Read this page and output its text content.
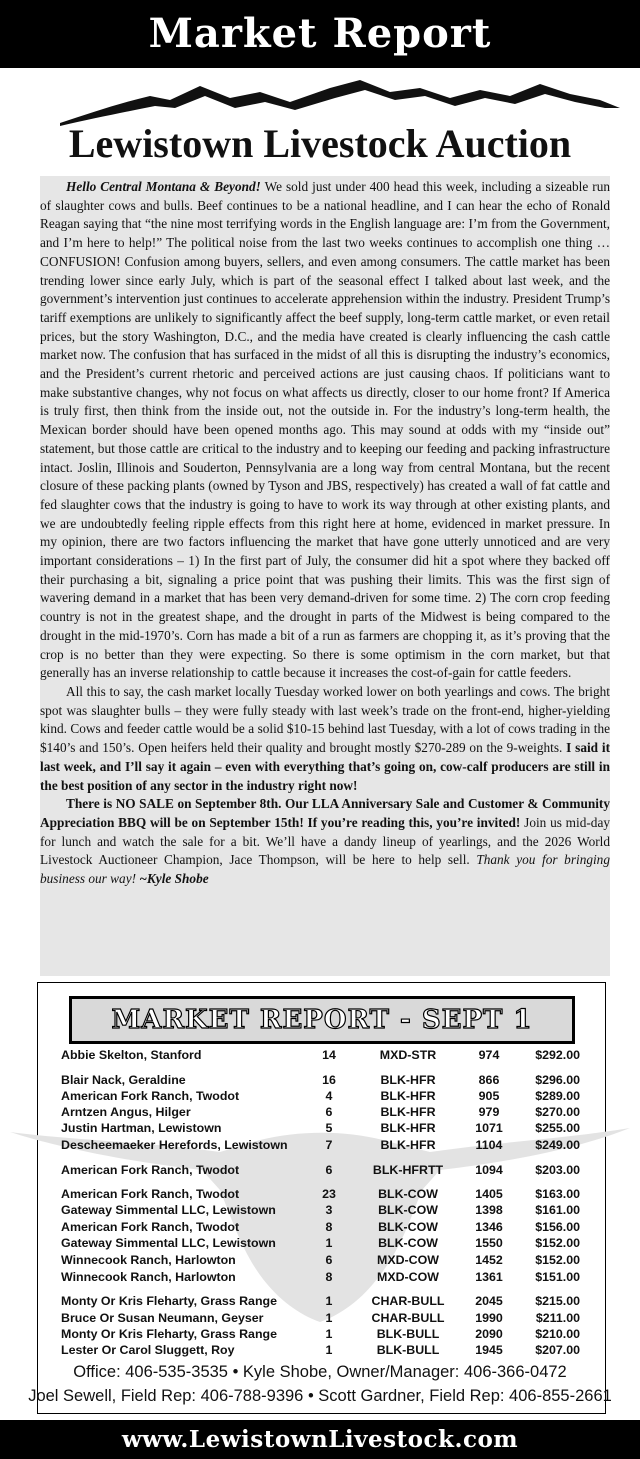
Market Report
Lewistown Livestock Auction

Hello Central Montana & Beyond! We sold just under 400 head this week, including a sizeable run of slaughter cows and bulls. Beef continues to be a national headline, and I can hear the echo of Ronald Reagan saying that “the nine most terrifying words in the English language are: I’m from the Government, and I’m here to help!” The political noise from the last two weeks continues to accomplish one thing … CONFUSION! Confusion among buyers, sellers, and even among consumers. The cattle market has been trending lower since early July, which is part of the seasonal effect I talked about last week, and the government’s intervention just continues to accelerate apprehension within the industry. President Trump’s tariff exemptions are unlikely to significantly affect the beef supply, long-term cattle market, or even retail prices, but the story Washington, D.C., and the media have created is clearly influencing the cash cattle market now. The confusion that has surfaced in the midst of all this is disrupting the industry’s economics, and the President’s current rhetoric and perceived actions are just causing chaos. If politicians want to make substantive changes, why not focus on what affects us directly, closer to our home front? If America is truly first, then think from the inside out, not the outside in. For the industry’s long-term health, the Mexican border should have been opened months ago. This may sound at odds with my “inside out” statement, but those cattle are critical to the industry and to keeping our feeding and packing infrastructure intact. Joslin, Illinois and Souderton, Pennsylvania are a long way from central Montana, but the recent closure of these packing plants (owned by Tyson and JBS, respectively) has created a wall of fat cattle and fed slaughter cows that the industry is going to have to work its way through at other existing plants, and we are undoubtedly feeling ripple effects from this right here at home, evidenced in market pressure. In my opinion, there are two factors influencing the market that have gone utterly unnoticed and are very important considerations – 1) In the first part of July, the consumer did hit a spot where they backed off their purchasing a bit, signaling a price point that was pushing their limits. This was the first sign of wavering demand in a market that has been very demand-driven for some time. 2) The corn crop feeding country is not in the greatest shape, and the drought in parts of the Midwest is being compared to the drought in the mid-1970’s. Corn has made a bit of a run as farmers are chopping it, as it’s proving that the crop is no better than they were expecting. So there is some optimism in the corn market, but that generally has an inverse relationship to cattle because it increases the cost-of-gain for cattle feeders.

All this to say, the cash market locally Tuesday worked lower on both yearlings and cows. The bright spot was slaughter bulls – they were fully steady with last week’s trade on the front-end, higher-yielding kind. Cows and feeder cattle would be a solid $10-15 behind last Tuesday, with a lot of cows trading in the $140’s and 150’s. Open heifers held their quality and brought mostly $270-289 on the 9-weights. I said it last week, and I’ll say it again – even with everything that’s going on, cow-calf producers are still in the best position of any sector in the industry right now!

There is NO SALE on September 8th. Our LLA Anniversary Sale and Customer & Community Appreciation BBQ will be on September 15th! If you’re reading this, you’re invited! Join us mid-day for lunch and watch the sale for a bit. We’ll have a dandy lineup of yearlings, and the 2026 World Livestock Auctioneer Champion, Jace Thompson, will be here to help sell. Thank you for bringing business our way! ~Kyle Shobe

MARKET REPORT - SEPT 1
Abbie Skelton, Stanford	14	MXD-STR	974	$292.00
Blair Nack, Geraldine	16	BLK-HFR	866	$296.00
American Fork Ranch, Twodot	4	BLK-HFR	905	$289.00
Arntzen Angus, Hilger	6	BLK-HFR	979	$270.00
Justin Hartman, Lewistown	5	BLK-HFR	1071	$255.00
Descheemaeker Herefords, Lewistown	7	BLK-HFR	1104	$249.00
American Fork Ranch, Twodot	6	BLK-HFRTT	1094	$203.00
American Fork Ranch, Twodot	23	BLK-COW	1405	$163.00
Gateway Simmental LLC, Lewistown	3	BLK-COW	1398	$161.00
American Fork Ranch, Twodot	8	BLK-COW	1346	$156.00
Gateway Simmental LLC, Lewistown	1	BLK-COW	1550	$152.00
Winnecook Ranch, Harlowton	6	MXD-COW	1452	$152.00
Winnecook Ranch, Harlowton	8	MXD-COW	1361	$151.00
Monty Or Kris Fleharty, Grass Range	1	CHAR-BULL	2045	$215.00
Bruce Or Susan Neumann, Geyser	1	CHAR-BULL	1990	$211.00
Monty Or Kris Fleharty, Grass Range	1	BLK-BULL	2090	$210.00
Lester Or Carol Sluggett, Roy	1	BLK-BULL	1945	$207.00
Office: 406-535-3535 • Kyle Shobe, Owner/Manager: 406-366-0472
Joel Sewell, Field Rep: 406-788-9396 • Scott Gardner, Field Rep: 406-855-2661
www.LewistownLivestock.com
